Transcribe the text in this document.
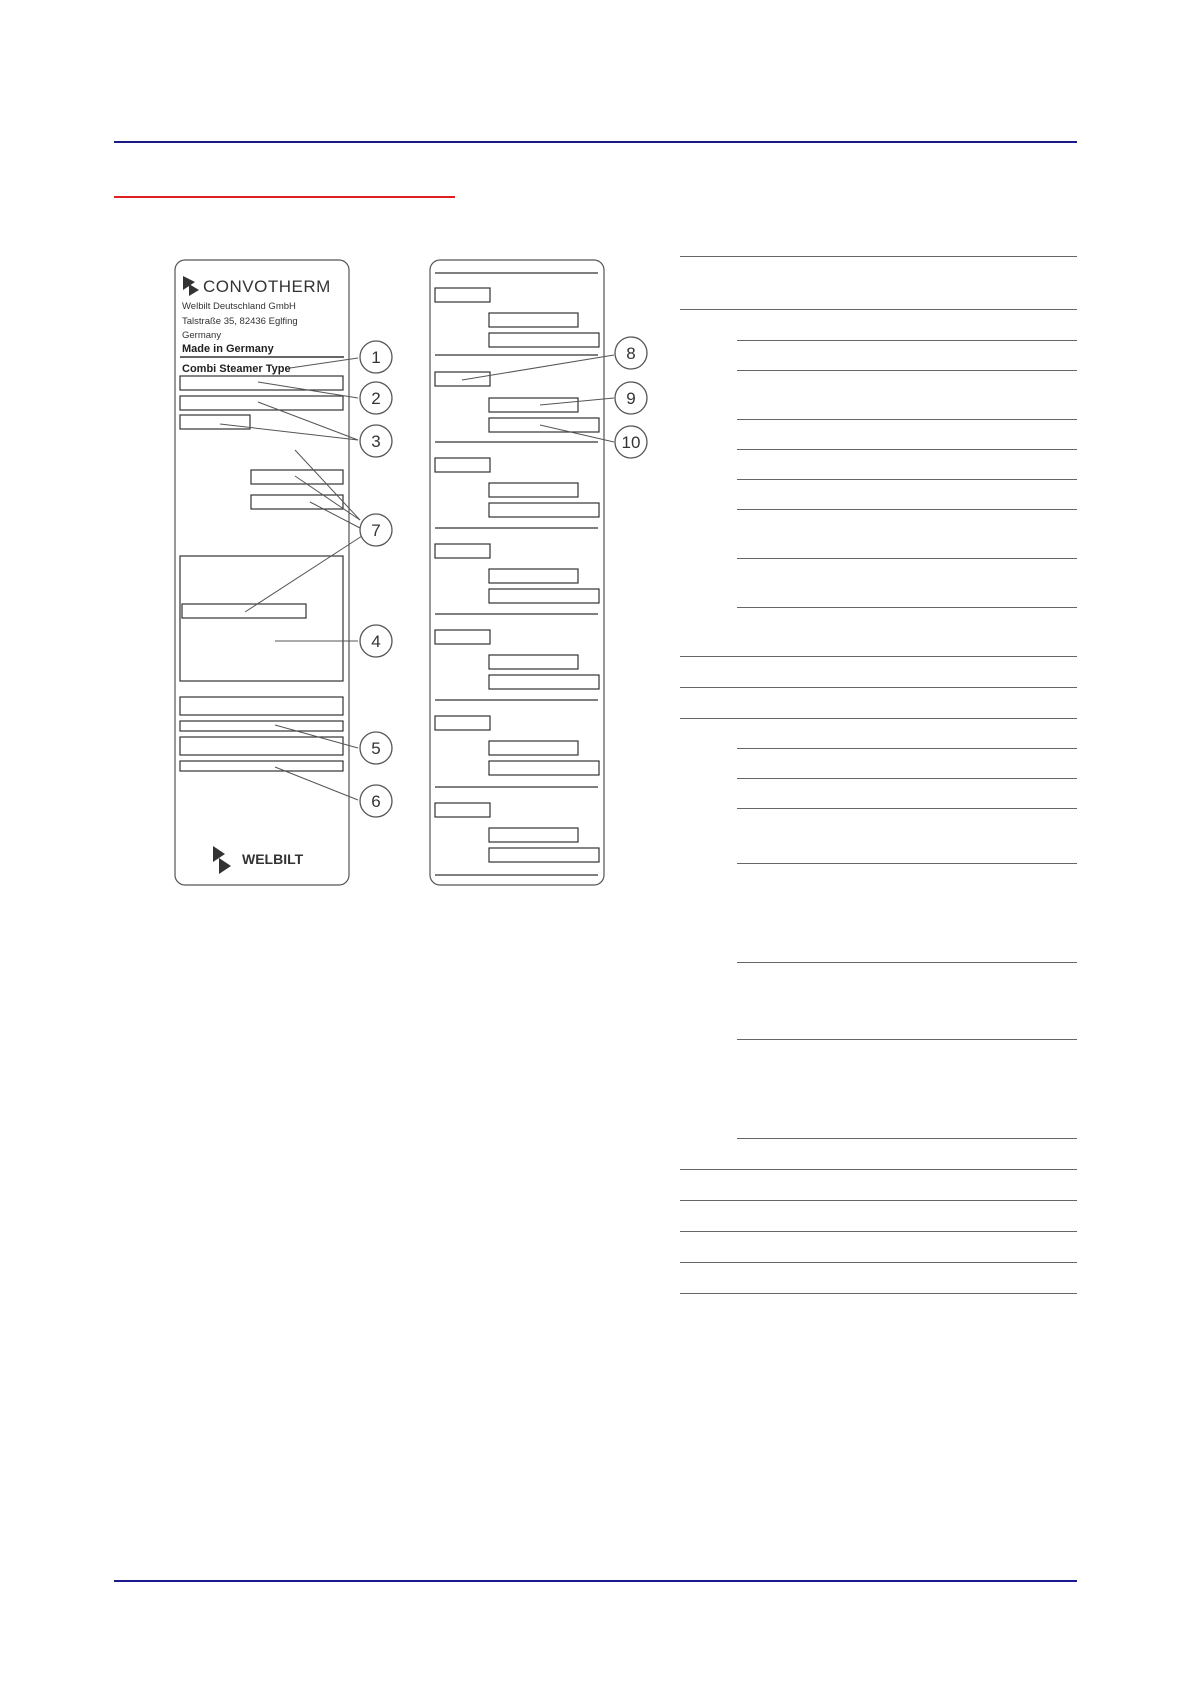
CONVOTHERM
Welbilt Deutschland GmbH
Talstraße 35, 82436 Eglfing
Germany
Made in Germany
Combi Steamer Type
WELBILT
1
2
3
7
4
5
6
8
9
10
